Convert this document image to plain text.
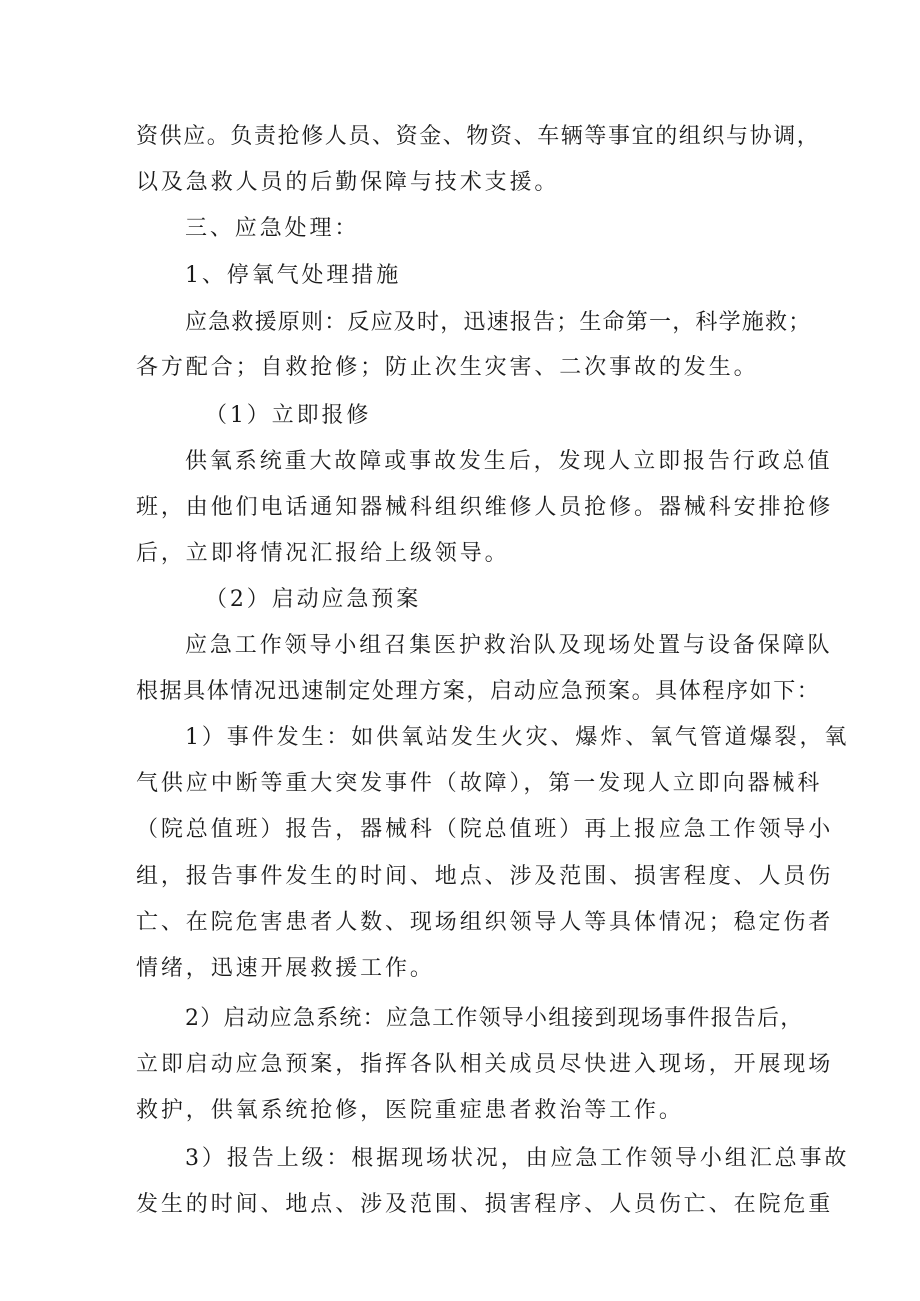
资供应。负责抢修人员、资金、物资、车辆等事宜的组织与协调，
以及急救人员的后勤保障与技术支援。
三、应急处理：
1、停氧气处理措施
应急救援原则：反应及时，迅速报告；生命第一，科学施救；
各方配合；自救抢修；防止次生灾害、二次事故的发生。
（1）立即报修
供氧系统重大故障或事故发生后，发现人立即报告行政总值
班，由他们电话通知器械科组织维修人员抢修。器械科安排抢修
后，立即将情况汇报给上级领导。
（2）启动应急预案
应急工作领导小组召集医护救治队及现场处置与设备保障队
根据具体情况迅速制定处理方案，启动应急预案。具体程序如下：
1）事件发生：如供氧站发生火灾、爆炸、氧气管道爆裂，氧
气供应中断等重大突发事件（故障），第一发现人立即向器械科
（院总值班）报告，器械科（院总值班）再上报应急工作领导小
组，报告事件发生的时间、地点、涉及范围、损害程度、人员伤
亡、在院危害患者人数、现场组织领导人等具体情况；稳定伤者
情绪，迅速开展救援工作。
2）启动应急系统：应急工作领导小组接到现场事件报告后，
立即启动应急预案，指挥各队相关成员尽快进入现场，开展现场
救护，供氧系统抢修，医院重症患者救治等工作。
3）报告上级：根据现场状况，由应急工作领导小组汇总事故
发生的时间、地点、涉及范围、损害程序、人员伤亡、在院危重
